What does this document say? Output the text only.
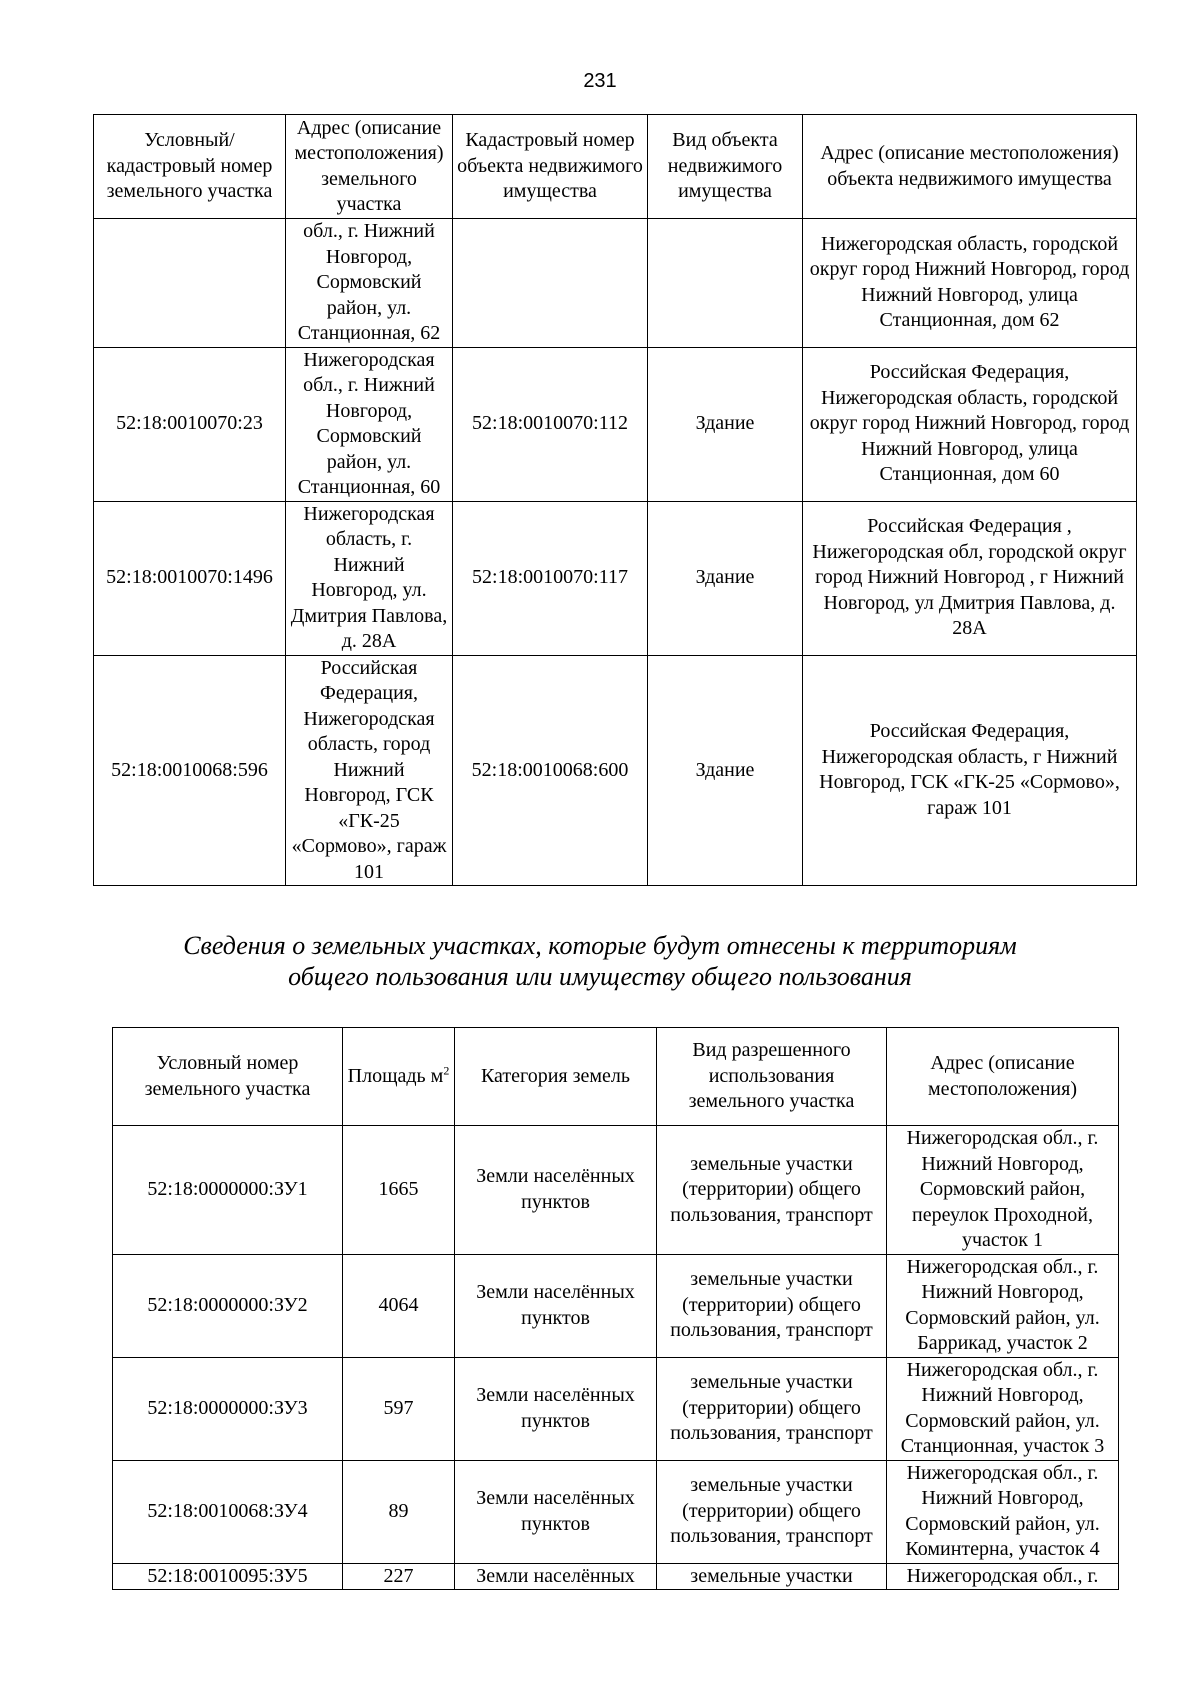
231
Условный/ кадастровый номер земельного участка	Адрес (описание местоположения) земельного участка	Кадастровый номер объекта недвижимого имущества	Вид объекта недвижимого имущества	Адрес (описание местоположения) объекта недвижимого имущества
	обл., г. Нижний Новгород, Сормовский район, ул. Станционная, 62			Нижегородская область, городской округ город Нижний Новгород, город Нижний Новгород, улица Станционная, дом 62
52:18:0010070:23	Нижегородская обл., г. Нижний Новгород, Сормовский район, ул. Станционная, 60	52:18:0010070:112	Здание	Российская Федерация, Нижегородская область, городской округ город Нижний Новгород, город Нижний Новгород, улица Станционная, дом 60
52:18:0010070:1496	Нижегородская область, г. Нижний Новгород, ул. Дмитрия Павлова, д. 28А	52:18:0010070:117	Здание	Российская Федерация , Нижегородская обл, городской округ город Нижний Новгород , г Нижний Новгород, ул Дмитрия Павлова, д. 28А
52:18:0010068:596	Российская Федерация, Нижегородская область, город Нижний Новгород, ГСК «ГК-25 «Сормово», гараж 101	52:18:0010068:600	Здание	Российская Федерация, Нижегородская область, г Нижний Новгород, ГСК «ГК-25 «Сормово», гараж 101
Сведения о земельных участках, которые будут отнесены к территориям
общего пользования или имуществу общего пользования
Условный номер земельного участка	Площадь $м^2$	Категория земель	Вид разрешенного использования земельного участка	Адрес (описание местоположения)
52:18:0000000:ЗУ1	1665	Земли населённых пунктов	земельные участки (территории) общего пользования, транспорт	Нижегородская обл., г. Нижний Новгород, Сормовский район, переулок Проходной, участок 1
52:18:0000000:ЗУ2	4064	Земли населённых пунктов	земельные участки (территории) общего пользования, транспорт	Нижегородская обл., г. Нижний Новгород, Сормовский район, ул. Баррикад, участок 2
52:18:0000000:ЗУ3	597	Земли населённых пунктов	земельные участки (территории) общего пользования, транспорт	Нижегородская обл., г. Нижний Новгород, Сормовский район, ул. Станционная, участок 3
52:18:0010068:ЗУ4	89	Земли населённых пунктов	земельные участки (территории) общего пользования, транспорт	Нижегородская обл., г. Нижний Новгород, Сормовский район, ул. Коминтерна, участок 4
52:18:0010095:ЗУ5	227	Земли населённых	земельные участки	Нижегородская обл., г.
